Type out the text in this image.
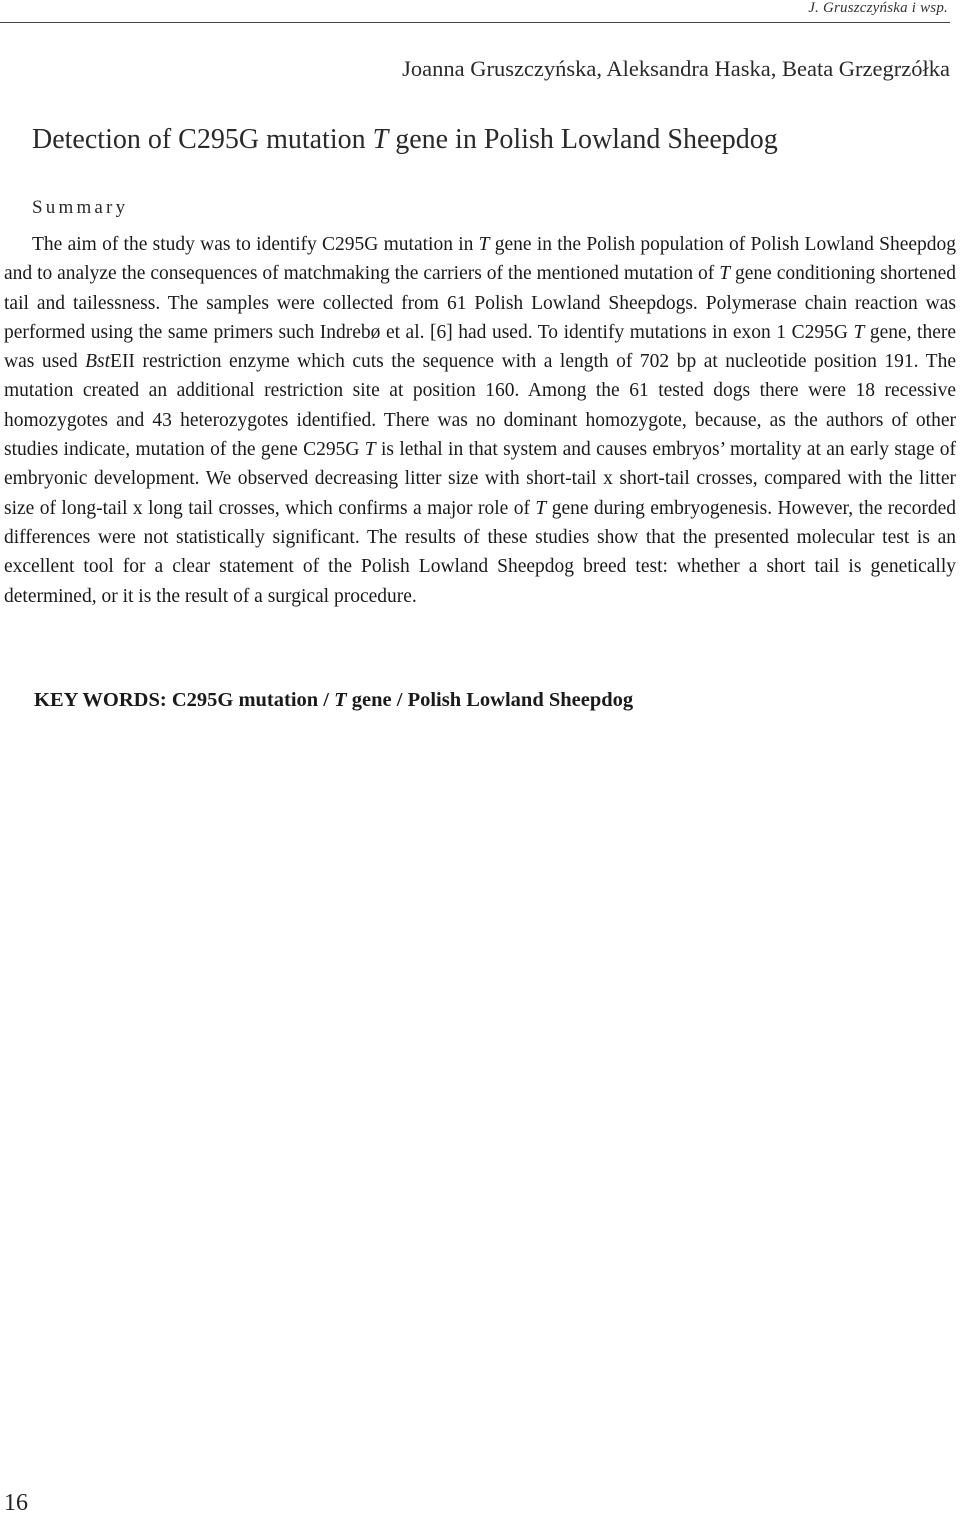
J. Gruszczyńska i wsp.
Joanna Gruszczyńska, Aleksandra Haska, Beata Grzegrzółka
Detection of C295G mutation T gene in Polish Lowland Sheepdog
Summary

The aim of the study was to identify C295G mutation in T gene in the Polish population of Polish Lowland Sheepdog and to analyze the consequences of matchmaking the carriers of the mentioned mutation of T gene conditioning shortened tail and tailessness. The samples were collected from 61 Polish Lowland Sheepdogs. Polymerase chain reaction was performed using the same primers such Indrebø et al. [6] had used. To identify mutations in exon 1 C295G T gene, there was used BstEII restriction enzyme which cuts the sequence with a length of 702 bp at nucleotide position 191. The mutation created an additional restriction site at position 160. Among the 61 tested dogs there were 18 recessive homozygotes and 43 heterozygotes identified. There was no dominant homozygote, because, as the authors of other studies indicate, mutation of the gene C295G T is lethal in that system and causes embryos’ mortality at an early stage of embryonic development. We observed decreasing litter size with short-tail x short-tail crosses, compared with the litter size of long-tail x long tail crosses, which confirms a major role of T gene during embryogenesis. However, the recorded differences were not statistically significant. The results of these studies show that the presented molecular test is an excellent tool for a clear statement of the Polish Lowland Sheepdog breed test: whether a short tail is genetically determined, or it is the result of a surgical procedure.

KEY WORDS: C295G mutation / T gene / Polish Lowland Sheepdog
16
